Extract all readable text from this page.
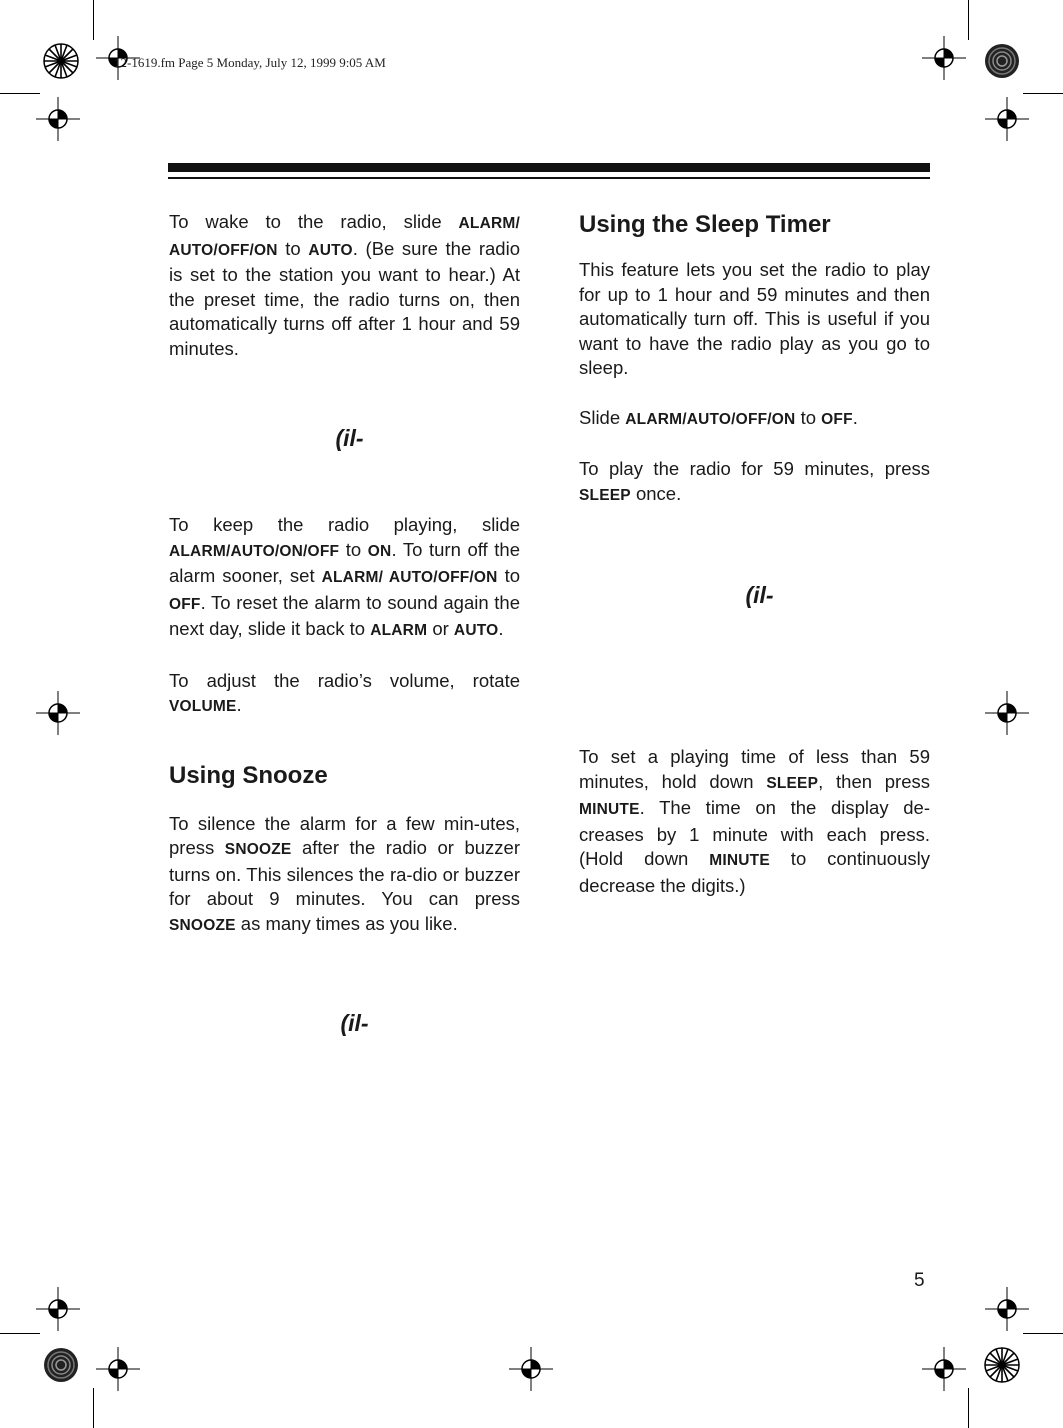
12-1619.fm Page 5 Monday, July 12, 1999 9:05 AM

To wake to the radio, slide ALARM/ AUTO/OFF/ON to AUTO. (Be sure the radio is set to the station you want to hear.) At the preset time, the radio turns on, then automatically turns off after 1 hour and 59 minutes.

(il-

To keep the radio playing, slide ALARM/AUTO/ON/OFF to ON. To turn off the alarm sooner, set ALARM/ AUTO/OFF/ON to OFF. To reset the alarm to sound again the next day, slide it back to ALARM or AUTO.

To adjust the radio’s volume, rotate VOLUME.

Using Snooze

To silence the alarm for a few min-utes, press SNOOZE after the radio or buzzer turns on. This silences the ra-dio or buzzer for about 9 minutes. You can press SNOOZE as many times as you like.

(il-
Using the Sleep Timer

This feature lets you set the radio to play for up to 1 hour and 59 minutes and then automatically turn off. This is useful if you want to have the radio play as you go to sleep.

Slide ALARM/AUTO/OFF/ON to OFF.

To play the radio for 59 minutes, press SLEEP once.

(il-

To set a playing time of less than 59 minutes, hold down SLEEP, then press MINUTE. The time on the display de-creases by 1 minute with each press. (Hold down MINUTE to continuously decrease the digits.)

5
